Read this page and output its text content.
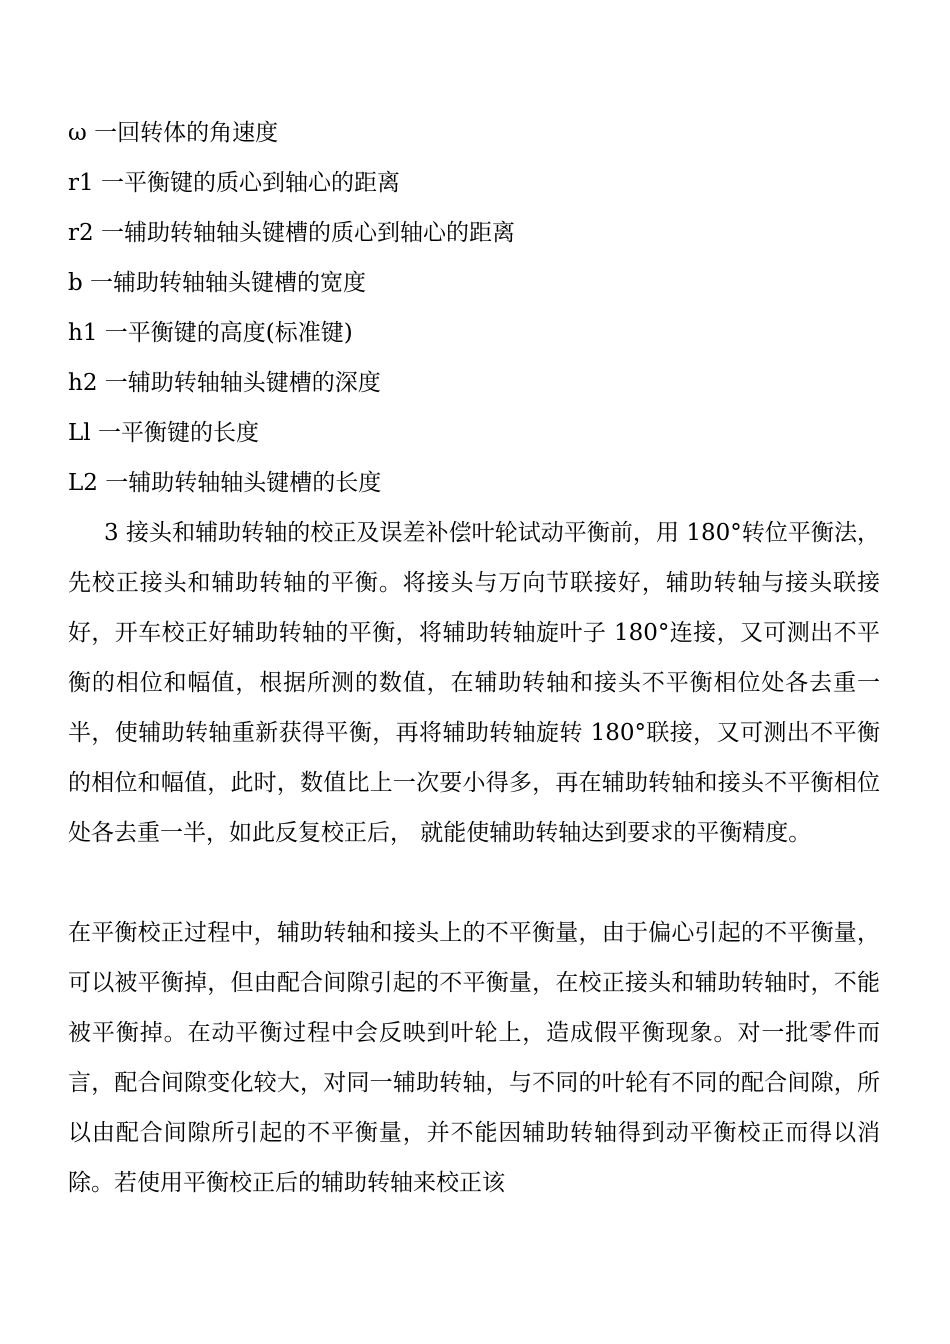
ω 一回转体的角速度
r1 一平衡键的质心到轴心的距离
r2 一辅助转轴轴头键槽的质心到轴心的距离
b 一辅助转轴轴头键槽的宽度
h1 一平衡键的高度(标准键)
h2 一辅助转轴轴头键槽的深度
Ll 一平衡键的长度
L2 一辅助转轴轴头键槽的长度

3 接头和辅助转轴的校正及误差补偿叶轮试动平衡前，用 180°转位平衡法，先校正接头和辅助转轴的平衡。将接头与万向节联接好，辅助转轴与接头联接好，开车校正好辅助转轴的平衡，将辅助转轴旋叶子 180°连接，又可测出不平衡的相位和幅值，根据所测的数值，在辅助转轴和接头不平衡相位处各去重一半，使辅助转轴重新获得平衡，再将辅助转轴旋转 180°联接，又可测出不平衡的相位和幅值，此时，数值比上一次要小得多，再在辅助转轴和接头不平衡相位处各去重一半，如此反复校正后， 就能使辅助转轴达到要求的平衡精度。

在平衡校正过程中，辅助转轴和接头上的不平衡量，由于偏心引起的不平衡量，可以被平衡掉，但由配合间隙引起的不平衡量，在校正接头和辅助转轴时，不能被平衡掉。在动平衡过程中会反映到叶轮上，造成假平衡现象。对一批零件而言，配合间隙变化较大，对同一辅助转轴，与不同的叶轮有不同的配合间隙，所以由配合间隙所引起的不平衡量，并不能因辅助转轴得到动平衡校正而得以消除。若使用平衡校正后的辅助转轴来校正该
